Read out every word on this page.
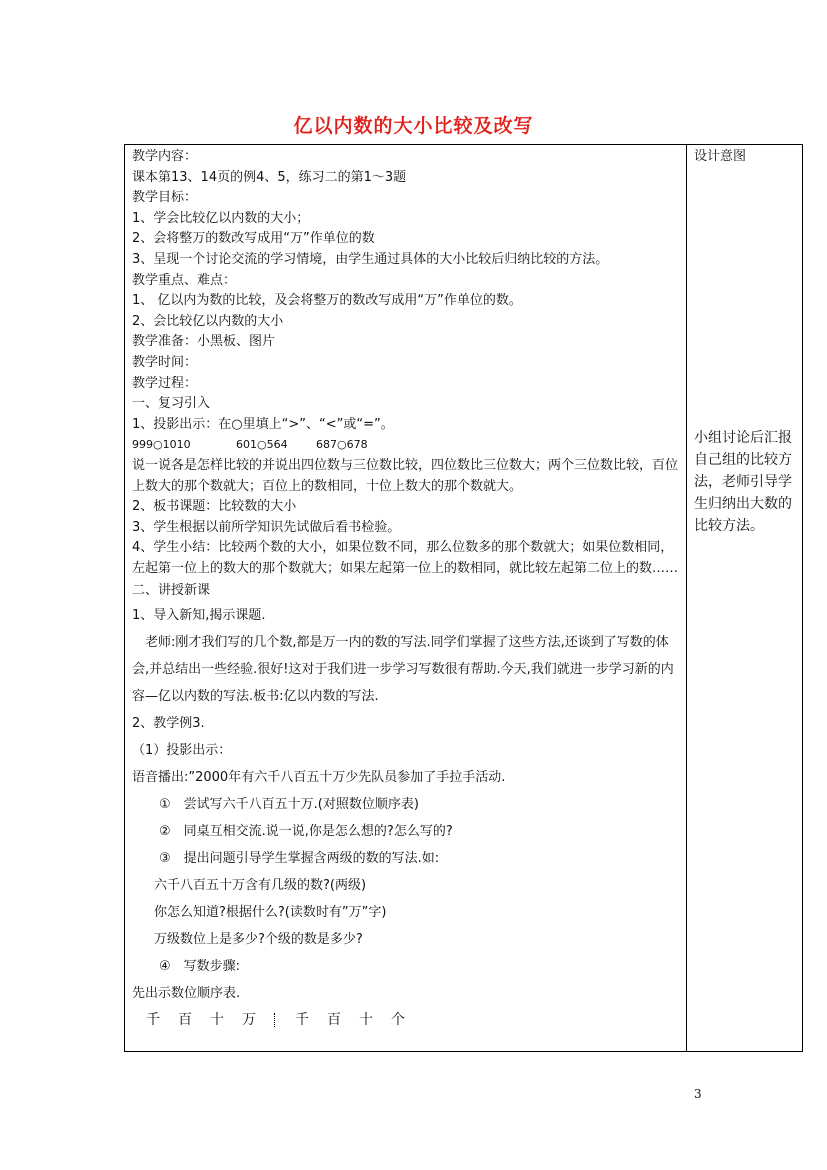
亿以内数的大小比较及改写
教学内容：
课本第13、14页的例4、5，练习二的第1～3题
教学目标：
1、学会比较亿以内数的大小；
2、会将整万的数改写成用“万”作单位的数
3、呈现一个讨论交流的学习情境，由学生通过具体的大小比较后归纳比较的方法。
教学重点、难点：
1、 亿以内为数的比较，及会将整万的数改写成用“万”作单位的数。
2、会比较亿以内数的大小
教学准备：小黑板、图片
教学时间：
教学过程：
一、复习引入
1、投影出示：在○里填上“>”、“<”或“=”。
999○1010	601○564	687○678
说一说各是怎样比较的并说出四位数与三位数比较，四位数比三位数大；两个三位数比较，百位上数大的那个数就大；百位上的数相同，十位上数大的那个数就大。
2、板书课题：比较数的大小
3、学生根据以前所学知识先试做后看书检验。
4、学生小结：比较两个数的大小，如果位数不同，那么位数多的那个数就大；如果位数相同，左起第一位上的数大的那个数就大；如果左起第一位上的数相同，就比较左起第二位上的数……
二、讲授新课
1、导入新知,揭示课题.
老师:刚才我们写的几个数,都是万一内的数的写法.同学们掌握了这些方法,还谈到了写数的体会,并总结出一些经验.很好!这对于我们进一步学习写数很有帮助.今天,我们就进一步学习新的内容—亿以内数的写法.板书:亿以内数的写法.
2、教学例3.
（1）投影出示：
语音播出:”2000年有六千八百五十万少先队员参加了手拉手活动.
①　尝试写六千八百五十万.(对照数位顺序表)
②　同桌互相交流.说一说,你是怎么想的?怎么写的?
③　提出问题引导学生掌握含两级的数的写法.如:
六千八百五十万含有几级的数?(两级)
你怎么知道?根据什么?(读数时有”万”字)
万级数位上是多少?个级的数是多少?
④　写数步骤:
先出示数位顺序表.
千 百 十 万	千 百 十 个
设计意图
小组讨论后汇报自己组的比较方法，老师引导学生归纳出大数的比较方法。
3
